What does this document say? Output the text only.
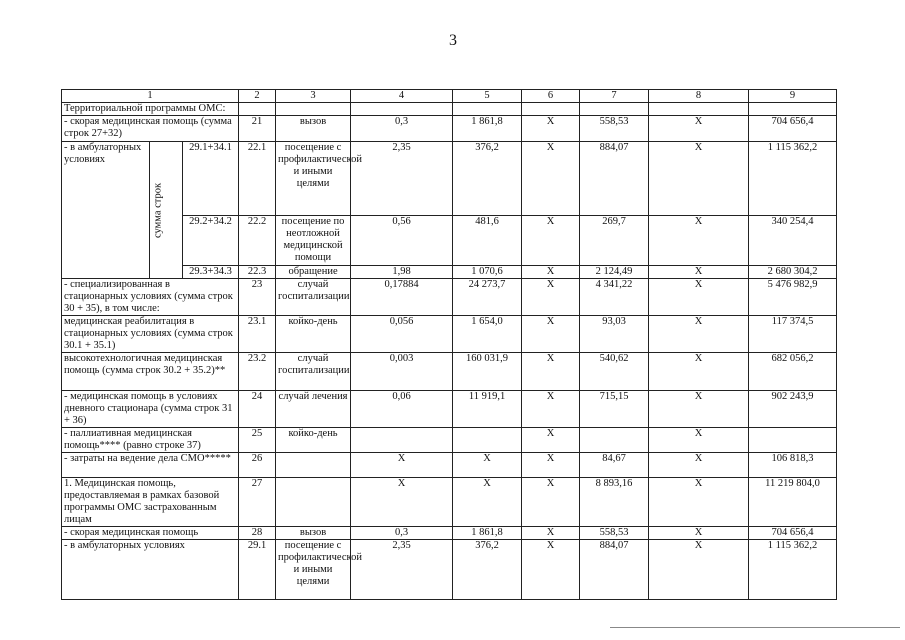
3
1			2	3	4	5	6	7	8	9	
Территориальной программы ОМС:											
- скорая медицинская помощь (сумма строк 27+32)			21	вызов	0,3	1 861,8	Х	558,53	Х	704 656,4	
- в амбулаторных условиях	сумма строк	29.1+34.1	22.1	посещение с профилактической и иными целями	2,35	376,2	Х	884,07	Х	1 115 362,2	
		29.2+34.2	22.2	посещение по неотложной медицинской помощи	0,56	481,6	Х	269,7	Х	340 254,4	
		29.3+34.3	22.3	обращение	1,98	1 070,6	Х	2 124,49	Х	2 680 304,2	
- специализированная в стационарных условиях (сумма строк 30 + 35), в том числе:			23	случай госпитализации	0,17884	24 273,7	Х	4 341,22	Х	5 476 982,9	
медицинская реабилитация в стационарных условиях (сумма строк 30.1 + 35.1)			23.1	койко-день	0,056	1 654,0	Х	93,03	Х	117 374,5	
высокотехнологичная медицинская помощь (сумма строк 30.2 + 35.2)**			23.2	случай госпитализации	0,003	160 031,9	Х	540,62	Х	682 056,2	
- медицинская помощь в условиях дневного стационара (сумма строк 31 + 36)			24	случай лечения	0,06	11 919,1	Х	715,15	Х	902 243,9	
- паллиативная медицинская помощь**** (равно строке 37)			25	койко-день			Х		Х		
- затраты на ведение дела СМО*****			26		Х	Х	Х	84,67	Х	106 818,3	
1. Медицинская помощь, предоставляемая в рамках базовой программы ОМС застрахованным лицам			27		Х	Х	Х	8 893,16	Х	11 219 804,0	
- скорая медицинская помощь			28	вызов	0,3	1 861,8	Х	558,53	Х	704 656,4	
- в амбулаторных условиях			29.1	посещение с профилактической и иными целями	2,35	376,2	Х	884,07	Х	1 115 362,2	
